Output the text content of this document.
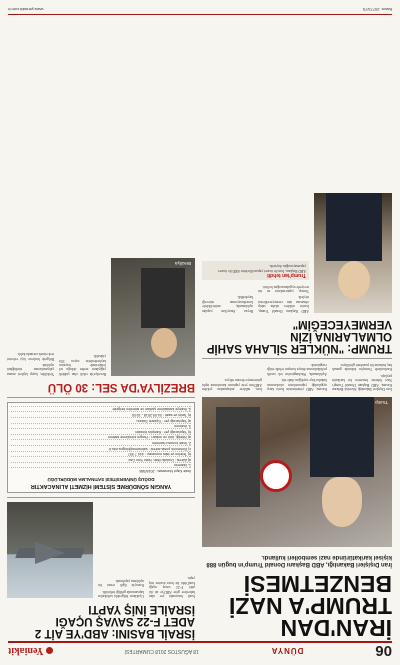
06
DÜNYA
18 AĞUSTOS 2018 CUMARTESİ
Yeniakit
İRAN'DAN TRUMP'A NAZİ BENZETMESİ
İran Dışişleri Bakanlığı, ABD Başkanı Donald Trump'ın bugün 888 kişisel karikatüründe nazi sembolleri kullandı.
Trump

İran Dışişleri Bakanlığı Sözcüsü Behram Kasımi, ABD Başkanı Donald Trump'ı Nazi liderine benzeten bir karikatür paylaştı.

Karikatürde Trump'ın kolunda gamalı haç bulunan bir pazubent görülüyor.

Kasımi, ABD yönetiminin İran'a karşı uyguladığı yaptırımların uluslararası hukuku hiçe saydığını ifade etti.

Açıklamada, Washington'un tek taraflı politikalarının dünya barışını tehdit ettiği vurgulandı.

İran, nükleer anlaşmadan çekilen ABD'nin yeni yaptırım kararlarına tepki göstermeye devam ediyor.

TRUMP: "NÜKLER SİLAHA SAHİP OLMALARINA İZİN VERMEYECEĞİM"

ABD Başkanı Donald Trump, İran'ın nükleer silaha sahip olmasına izin vermeyeceklerini söyledi.

Trump, yaptırımların en üst seviyede uygulanacağını belirtti.

Beyaz Saray'dan yapılan açıklamada, müttefiklerle koordinasyonun süreceği kaydedildi.

Trump'tan tehdit
ABD Başkanı, İran ile ticaret yapan ülkelerin ABD ile ticaret yapamayacağını duyurdu.
İSRAİL BASINI: ABD'YE AİT 2 ADET F-22 SAVAŞ UÇAĞI İSRAİLE İNİŞ YAPTI

İsrail basınında yer alan haberlere göre ABD'ye ait iki adet F-22 savaş uçağı İsrail'deki bir hava üssüne iniş yaptı.

Uçakların bölgedeki tatbikatlar kapsamında geldiği belirtildi.

Konuyla ilgili resmi bir açıklama yapılmadı.

YANGIN SÖNDÜRME SİSTEMİ HİZMETİ ALINACAKTIR
DOĞUŞ ÜNİVERSİTESİ SATINALMA MÜDÜRLÜĞÜ
İhale Kayıt Numarası : 2018/388
1- İdarenin
a) Adresi : Dudullu Mah. Nato Yolu Cad.
b) Telefon ve faks numarası : 444 7 997
c) Elektronik posta adresi : satinalma@dogus.edu.tr
2- İhale konusu hizmetin
a) Niteliği, türü ve miktarı : Yangın söndürme sistemi
b) Yapılacağı yer : Kampüs binaları
3- İhalenin
a) Yapılacağı yer : Toplantı Salonu
b) Tarihi ve saati : 04.09.2018 - 10:00
4- İhaleye katılabilme şartları ve istenilen belgeler
BREZİLYA'DA SEL: 30 ÖLÜ
Brezilya

Brezilya'da etkili olan şiddetli yağışların neden olduğu sel felaketinde hayatını kaybedenlerin sayısı 30'a yükseldi.

Yetkililer, kayıp kişileri arama çalışmalarının sürdüğünü açıkladı.

Bölgede binlerce kişi evlerini terk etmek zorunda kaldı.

Basın: 29773/75
www.yeniakit.com.tr
